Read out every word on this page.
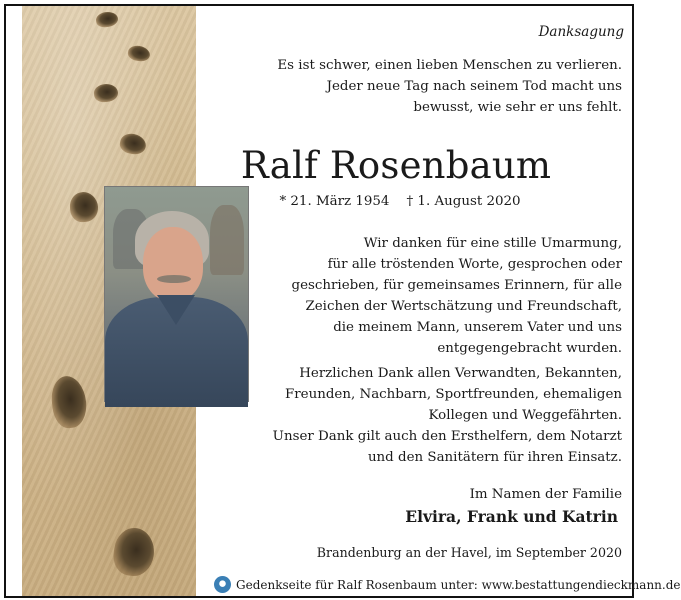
Danksagung
Es ist schwer, einen lieben Menschen zu verlieren.
Jeder neue Tag nach seinem Tod macht uns
bewusst, wie sehr er uns fehlt.
Ralf Rosenbaum
* 21. März 1954 † 1. August 2020
Wir danken für eine stille Umarmung,
für alle tröstenden Worte, gesprochen oder
geschrieben, für gemeinsames Erinnern, für alle
Zeichen der Wertschätzung und Freundschaft,
die meinem Mann, unserem Vater und uns
entgegengebracht wurden.
Herzlichen Dank allen Verwandten, Bekannten,
Freunden, Nachbarn, Sportfreunden, ehemaligen
Kollegen und Weggefährten.
Unser Dank gilt auch den Ersthelfern, dem Notarzt
und den Sanitätern für ihren Einsatz.
Im Namen der Familie
Elvira, Frank und Katrin
Brandenburg an der Havel, im September 2020
Gedenkseite für Ralf Rosenbaum unter: www.bestattungendieckmann.de
